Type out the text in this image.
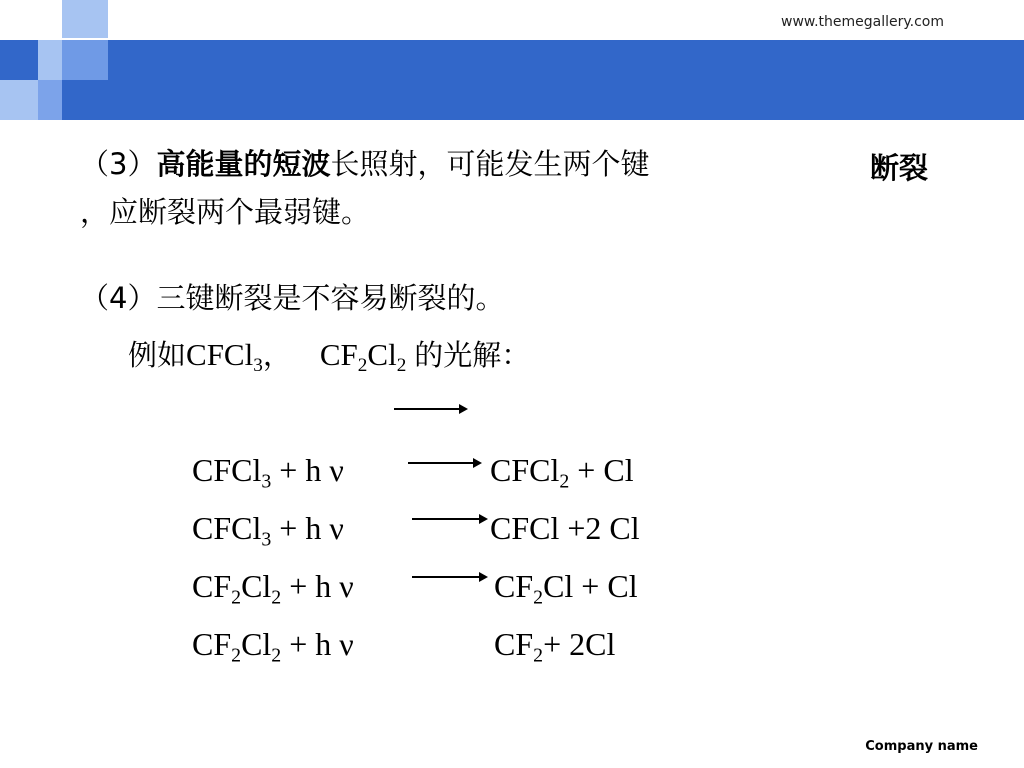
www.themegallery.com
（3）高能量的短波长照射，可能发生两个键	断裂
，应断裂两个最弱键。
（4）三键断裂是不容易断裂的。
例如CFCl$_3$， $CF_2Cl_2$ 的光解：
CFCl$_3$ + h ν	CFCl$_2$ + Cl
CFCl$_3$ + h ν	CFCl +2 Cl
$CF_2Cl_2 + h$ ν	$CF_2Cl + Cl$
$CF_2Cl_2 + h$ ν	$CF_2+ 2Cl$
Company name
